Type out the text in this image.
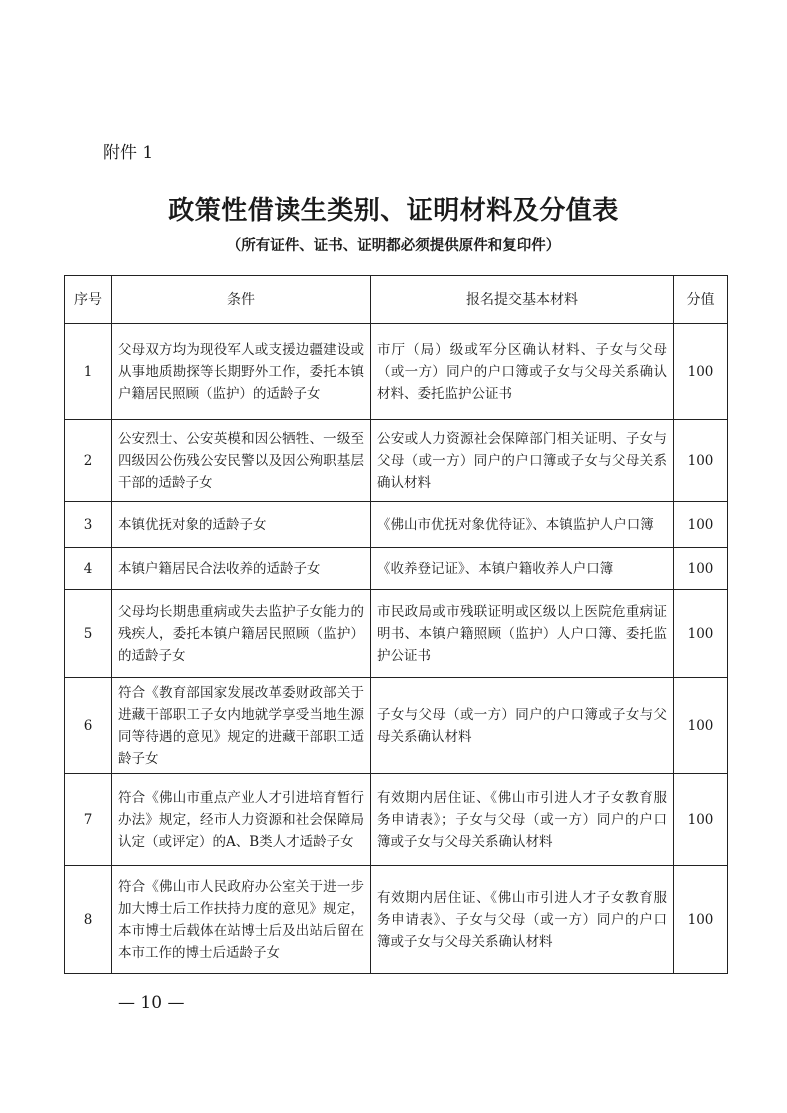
附件 1
政策性借读生类别、证明材料及分值表
（所有证件、证书、证明都必须提供原件和复印件）
序号	条件	报名提交基本材料	分值
1	父母双方均为现役军人或支援边疆建设或从事地质勘探等长期野外工作，委托本镇户籍居民照顾（监护）的适龄子女	市厅（局）级或军分区确认材料、子女与父母（或一方）同户的户口簿或子女与父母关系确认材料、委托监护公证书	100
2	公安烈士、公安英模和因公牺牲、一级至四级因公伤残公安民警以及因公殉职基层干部的适龄子女	公安或人力资源社会保障部门相关证明、子女与父母（或一方）同户的户口簿或子女与父母关系确认材料	100
3	本镇优抚对象的适龄子女	《佛山市优抚对象优待证》、本镇监护人户口簿	100
4	本镇户籍居民合法收养的适龄子女	《收养登记证》、本镇户籍收养人户口簿	100
5	父母均长期患重病或失去监护子女能力的残疾人，委托本镇户籍居民照顾（监护）的适龄子女	市民政局或市残联证明或区级以上医院危重病证明书、本镇户籍照顾（监护）人户口簿、委托监护公证书	100
6	符合《教育部国家发展改革委财政部关于进藏干部职工子女内地就学享受当地生源同等待遇的意见》规定的进藏干部职工适龄子女	子女与父母（或一方）同户的户口簿或子女与父母关系确认材料	100
7	符合《佛山市重点产业人才引进培育暂行办法》规定，经市人力资源和社会保障局认定（或评定）的A、B类人才适龄子女	有效期内居住证、《佛山市引进人才子女教育服务申请表》；子女与父母（或一方）同户的户口簿或子女与父母关系确认材料	100
8	符合《佛山市人民政府办公室关于进一步加大博士后工作扶持力度的意见》规定，本市博士后载体在站博士后及出站后留在本市工作的博士后适龄子女	有效期内居住证、《佛山市引进人才子女教育服务申请表》、子女与父母（或一方）同户的户口簿或子女与父母关系确认材料	100
— 10 —
